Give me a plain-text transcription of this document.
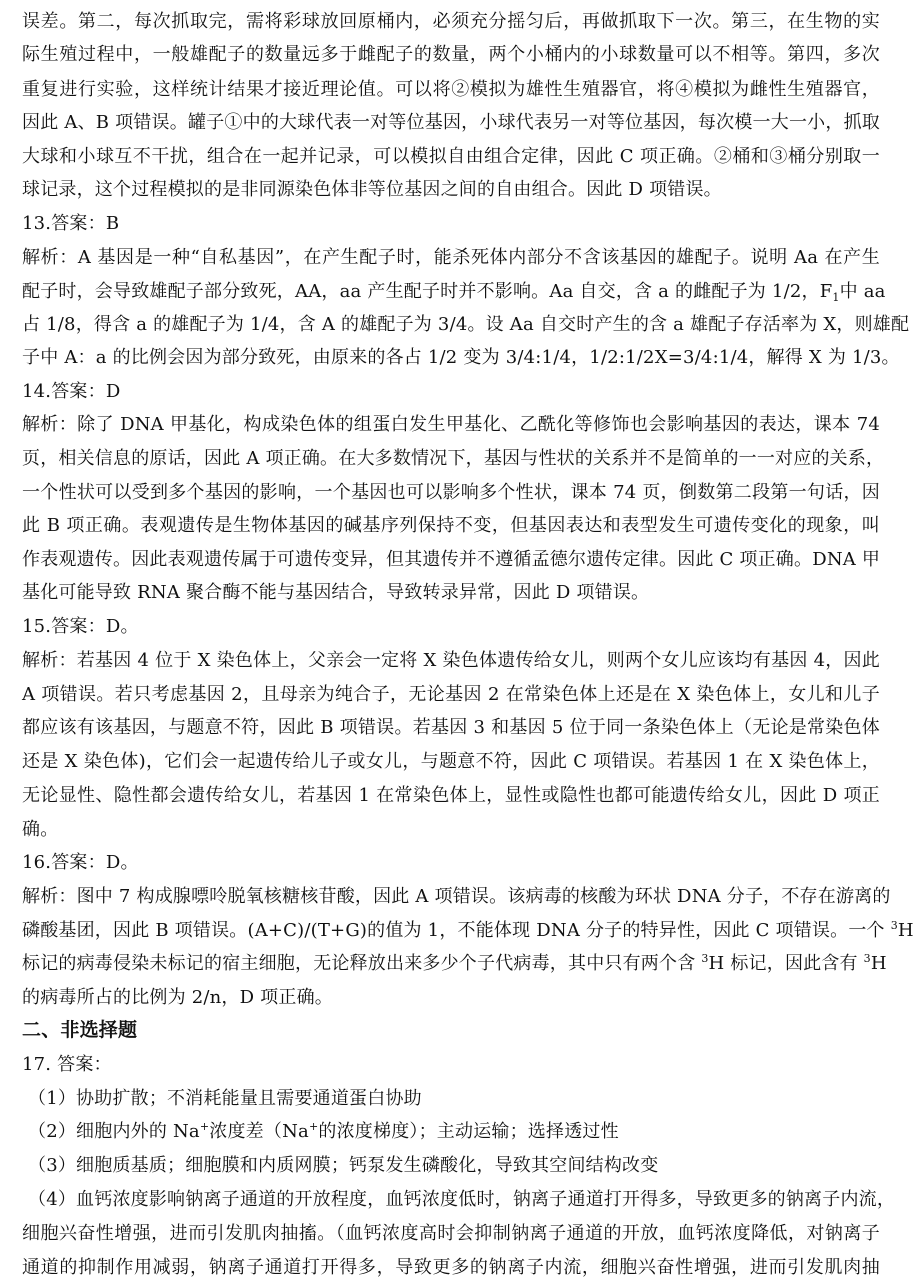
误差。第二，每次抓取完，需将彩球放回原桶内，必须充分摇匀后，再做抓取下一次。第三，在生物的实
际生殖过程中，一般雄配子的数量远多于雌配子的数量，两个小桶内的小球数量可以不相等。第四，多次
重复进行实验，这样统计结果才接近理论值。可以将②模拟为雄性生殖器官，将④模拟为雌性生殖器官，
因此 A、B 项错误。罐子①中的大球代表一对等位基因，小球代表另一对等位基因，每次模一大一小，抓取
大球和小球互不干扰，组合在一起并记录，可以模拟自由组合定律，因此 C 项正确。②桶和③桶分别取一
球记录，这个过程模拟的是非同源染色体非等位基因之间的自由组合。因此 D 项错误。
13.答案：B
解析：A 基因是一种“自私基因”，在产生配子时，能杀死体内部分不含该基因的雄配子。说明 Aa 在产生
配子时，会导致雄配子部分致死，AA，aa 产生配子时并不影响。Aa 自交，含 a 的雌配子为 1/2，$F_1$中 aa
占 1/8，得含 a 的雄配子为 1/4，含 A 的雄配子为 3/4。设 Aa 自交时产生的含 a 雄配子存活率为 X，则雄配
子中 A：a 的比例会因为部分致死，由原来的各占 1/2 变为 3/4:1/4，1/2:1/2X=3/4:1/4，解得 X 为 1/3。
14.答案：D
解析：除了 DNA 甲基化，构成染色体的组蛋白发生甲基化、乙酰化等修饰也会影响基因的表达，课本 74
页，相关信息的原话，因此 A 项正确。在大多数情况下，基因与性状的关系并不是简单的一一对应的关系，
一个性状可以受到多个基因的影响，一个基因也可以影响多个性状，课本 74 页，倒数第二段第一句话，因
此 B 项正确。表观遗传是生物体基因的碱基序列保持不变，但基因表达和表型发生可遗传变化的现象，叫
作表观遗传。因此表观遗传属于可遗传变异，但其遗传并不遵循孟德尔遗传定律。因此 C 项正确。DNA 甲
基化可能导致 RNA 聚合酶不能与基因结合，导致转录异常，因此 D 项错误。
15.答案：D。
解析：若基因 4 位于 X 染色体上，父亲会一定将 X 染色体遗传给女儿，则两个女儿应该均有基因 4，因此
A 项错误。若只考虑基因 2，且母亲为纯合子，无论基因 2 在常染色体上还是在 X 染色体上，女儿和儿子
都应该有该基因，与题意不符，因此 B 项错误。若基因 3 和基因 5 位于同一条染色体上（无论是常染色体
还是 X 染色体)，它们会一起遗传给儿子或女儿，与题意不符，因此 C 项错误。若基因 1 在 X 染色体上，
无论显性、隐性都会遗传给女儿，若基因 1 在常染色体上，显性或隐性也都可能遗传给女儿，因此 D 项正
确。
16.答案：D。
解析：图中 7 构成腺嘌呤脱氧核糖核苷酸，因此 A 项错误。该病毒的核酸为环状 DNA 分子，不存在游离的
磷酸基团，因此 B 项错误。(A+C)/(T+G)的值为 1，不能体现 DNA 分子的特异性，因此 C 项错误。一个 $^3$H
标记的病毒侵染未标记的宿主细胞，无论释放出来多少个子代病毒，其中只有两个含 $^3$H 标记，因此含有 $^3$H
的病毒所占的比例为 2/n，D 项正确。
二、非选择题
17. 答案：
（1）协助扩散；不消耗能量且需要通道蛋白协助
（2）细胞内外的 Na+浓度差（Na+的浓度梯度）；主动运输；选择透过性
（3）细胞质基质；细胞膜和内质网膜；钙泵发生磷酸化，导致其空间结构改变
（4）血钙浓度影响钠离子通道的开放程度，血钙浓度低时，钠离子通道打开得多，导致更多的钠离子内流，
细胞兴奋性增强，进而引发肌肉抽搐。（血钙浓度高时会抑制钠离子通道的开放，血钙浓度降低，对钠离子
通道的抑制作用减弱，钠离子通道打开得多，导致更多的钠离子内流，细胞兴奋性增强，进而引发肌肉抽
